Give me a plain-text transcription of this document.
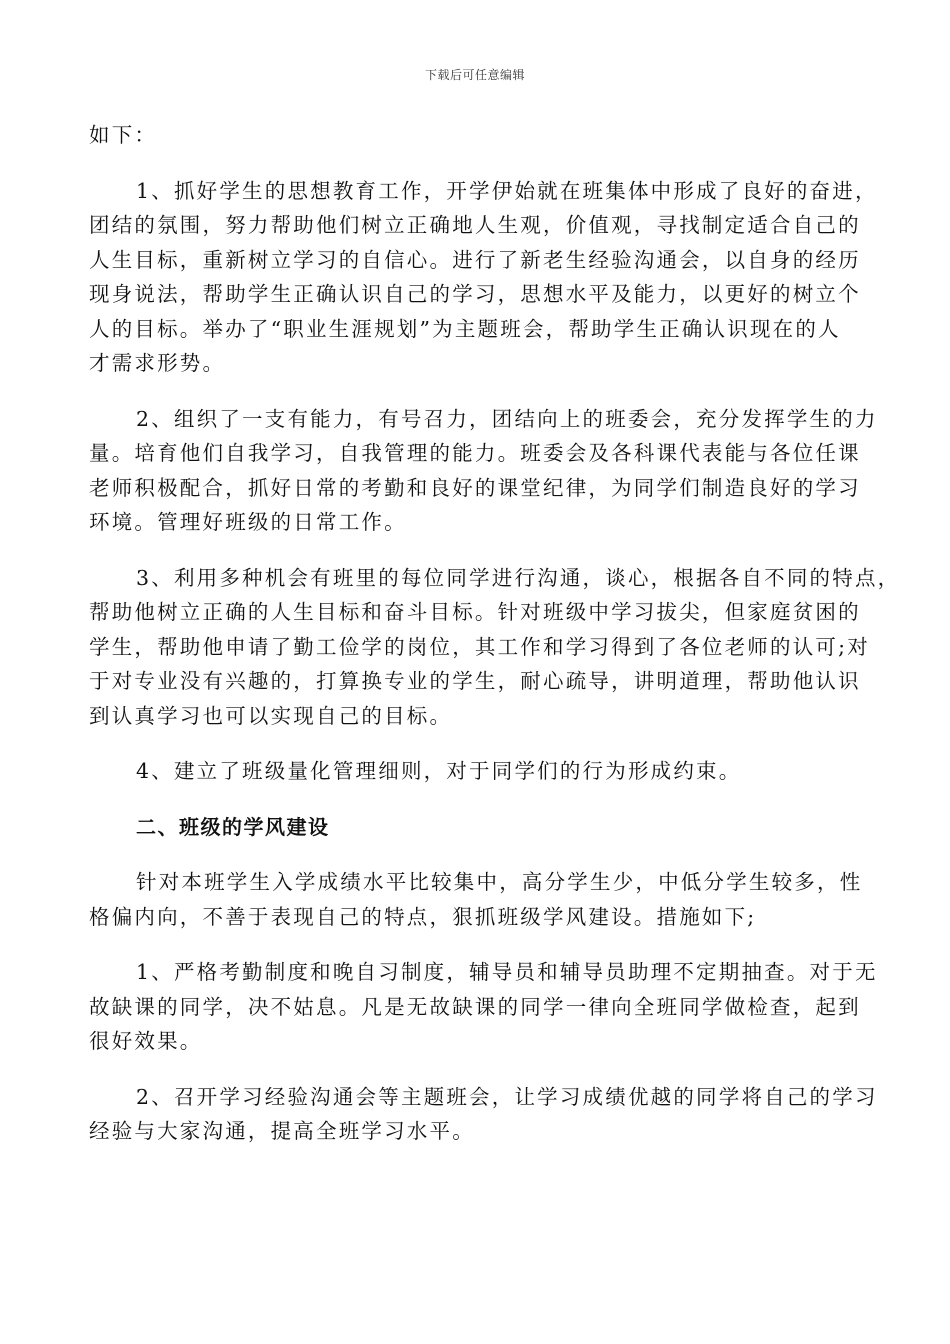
下载后可任意编辑
如下：
1、抓好学生的思想教育工作，开学伊始就在班集体中形成了良好的奋进，
团结的氛围，努力帮助他们树立正确地人生观，价值观，寻找制定适合自己的
人生目标，重新树立学习的自信心。进行了新老生经验沟通会，以自身的经历
现身说法，帮助学生正确认识自己的学习，思想水平及能力，以更好的树立个
人的目标。举办了“职业生涯规划”为主题班会，帮助学生正确认识现在的人
才需求形势。
2、组织了一支有能力，有号召力，团结向上的班委会，充分发挥学生的力
量。培育他们自我学习，自我管理的能力。班委会及各科课代表能与各位任课
老师积极配合，抓好日常的考勤和良好的课堂纪律，为同学们制造良好的学习
环境。管理好班级的日常工作。
3、利用多种机会有班里的每位同学进行沟通，谈心，根据各自不同的特点，
帮助他树立正确的人生目标和奋斗目标。针对班级中学习拔尖，但家庭贫困的
学生，帮助他申请了勤工俭学的岗位，其工作和学习得到了各位老师的认可;对
于对专业没有兴趣的，打算换专业的学生，耐心疏导，讲明道理，帮助他认识
到认真学习也可以实现自己的目标。
4、建立了班级量化管理细则，对于同学们的行为形成约束。
二、班级的学风建设
针对本班学生入学成绩水平比较集中，高分学生少，中低分学生较多，性
格偏内向，不善于表现自己的特点，狠抓班级学风建设。措施如下;
1、严格考勤制度和晚自习制度，辅导员和辅导员助理不定期抽查。对于无
故缺课的同学，决不姑息。凡是无故缺课的同学一律向全班同学做检查，起到
很好效果。
2、召开学习经验沟通会等主题班会，让学习成绩优越的同学将自己的学习
经验与大家沟通，提高全班学习水平。
